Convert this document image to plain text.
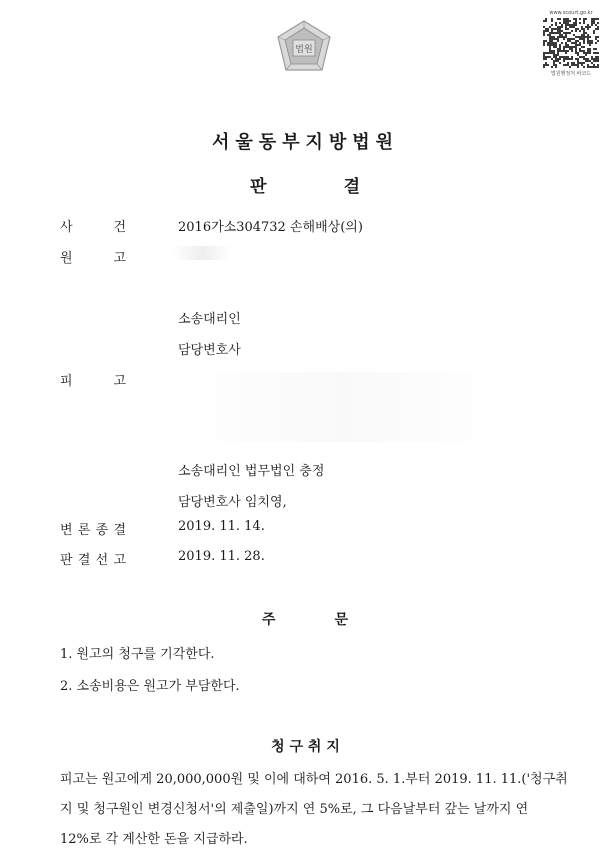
법원
www.scourt.go.kr
법원행정처 바코드
서울동부지방법원
판	결
사	건	2016가소304732 손해배상(의)
원	고
소송대리인
담당변호사
피	고
소송대리인 법무법인 충정
담당변호사 임치영,
변 론 종 결	2019. 11. 14.
판 결 선 고	2019. 11. 28.
주	문
1. 원고의 청구를 기각한다.
2. 소송비용은 원고가 부담한다.
청 구 취 지
피고는 원고에게 20,000,000원 및 이에 대하여 2016. 5. 1.부터 2019. 11. 11.('청구취
지 및 청구원인 변경신청서'의 제출일)까지 연 5%로, 그 다음날부터 갚는 날까지 연
12%로 각 계산한 돈을 지급하라.
